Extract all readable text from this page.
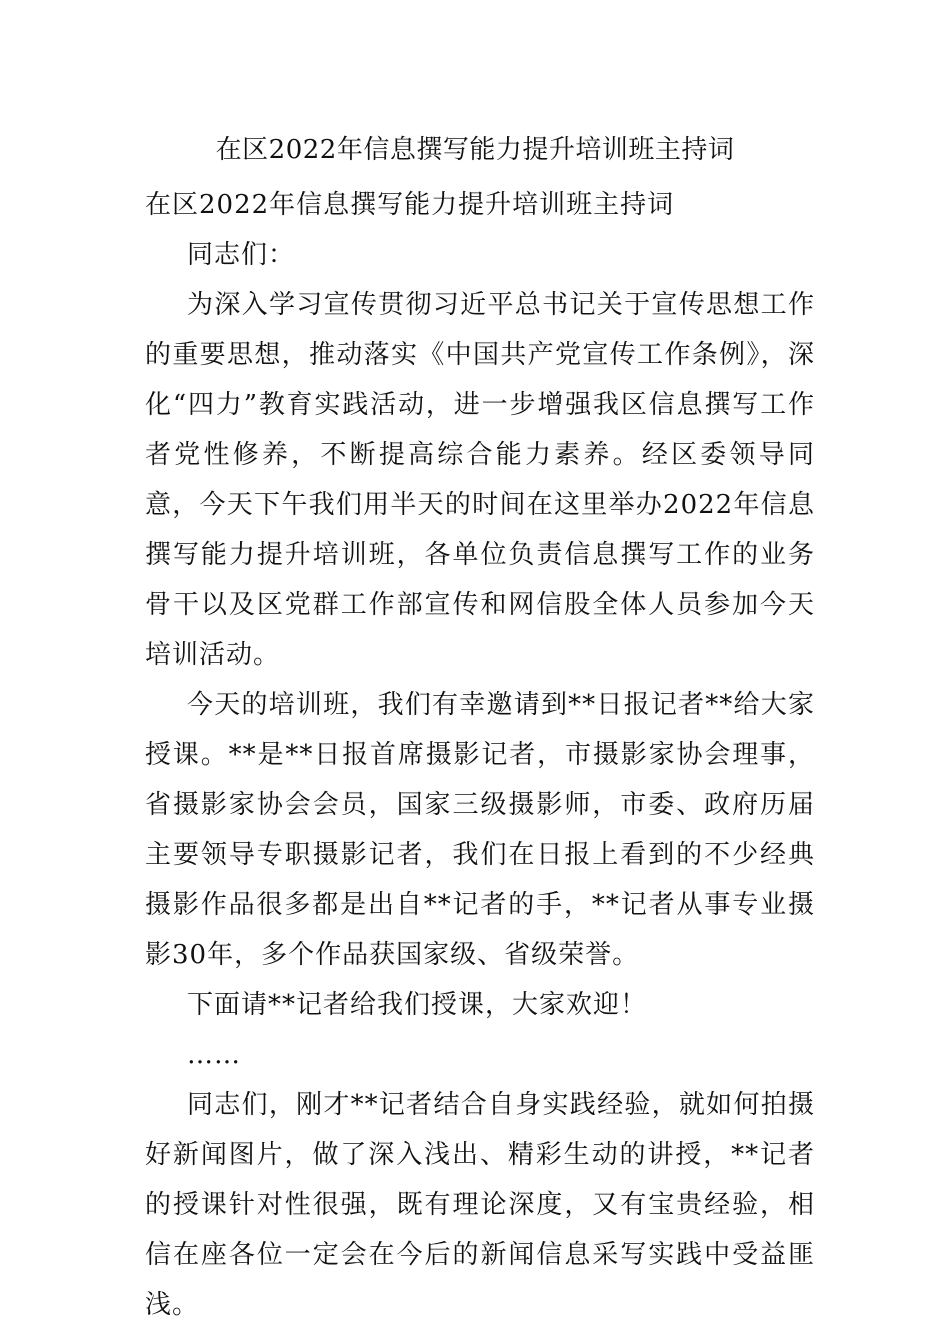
在区2022年信息撰写能力提升培训班主持词

在区2022年信息撰写能力提升培训班主持词

同志们：

为深入学习宣传贯彻习近平总书记关于宣传思想工作的重要思想，推动落实《中国共产党宣传工作条例》，深化“四力”教育实践活动，进一步增强我区信息撰写工作者党性修养，不断提高综合能力素养。经区委领导同意，今天下午我们用半天的时间在这里举办2022年信息撰写能力提升培训班，各单位负责信息撰写工作的业务骨干以及区党群工作部宣传和网信股全体人员参加今天培训活动。

今天的培训班，我们有幸邀请到**日报记者**给大家授课。**是**日报首席摄影记者，市摄影家协会理事，省摄影家协会会员，国家三级摄影师，市委、政府历届主要领导专职摄影记者，我们在日报上看到的不少经典摄影作品很多都是出自**记者的手，**记者从事专业摄影30年，多个作品获国家级、省级荣誉。

下面请**记者给我们授课，大家欢迎！

……

同志们，刚才**记者结合自身实践经验，就如何拍摄好新闻图片，做了深入浅出、精彩生动的讲授，**记者的授课针对性很强，既有理论深度，又有宝贵经验，相信在座各位一定会在今后的新闻信息采写实践中受益匪浅。
